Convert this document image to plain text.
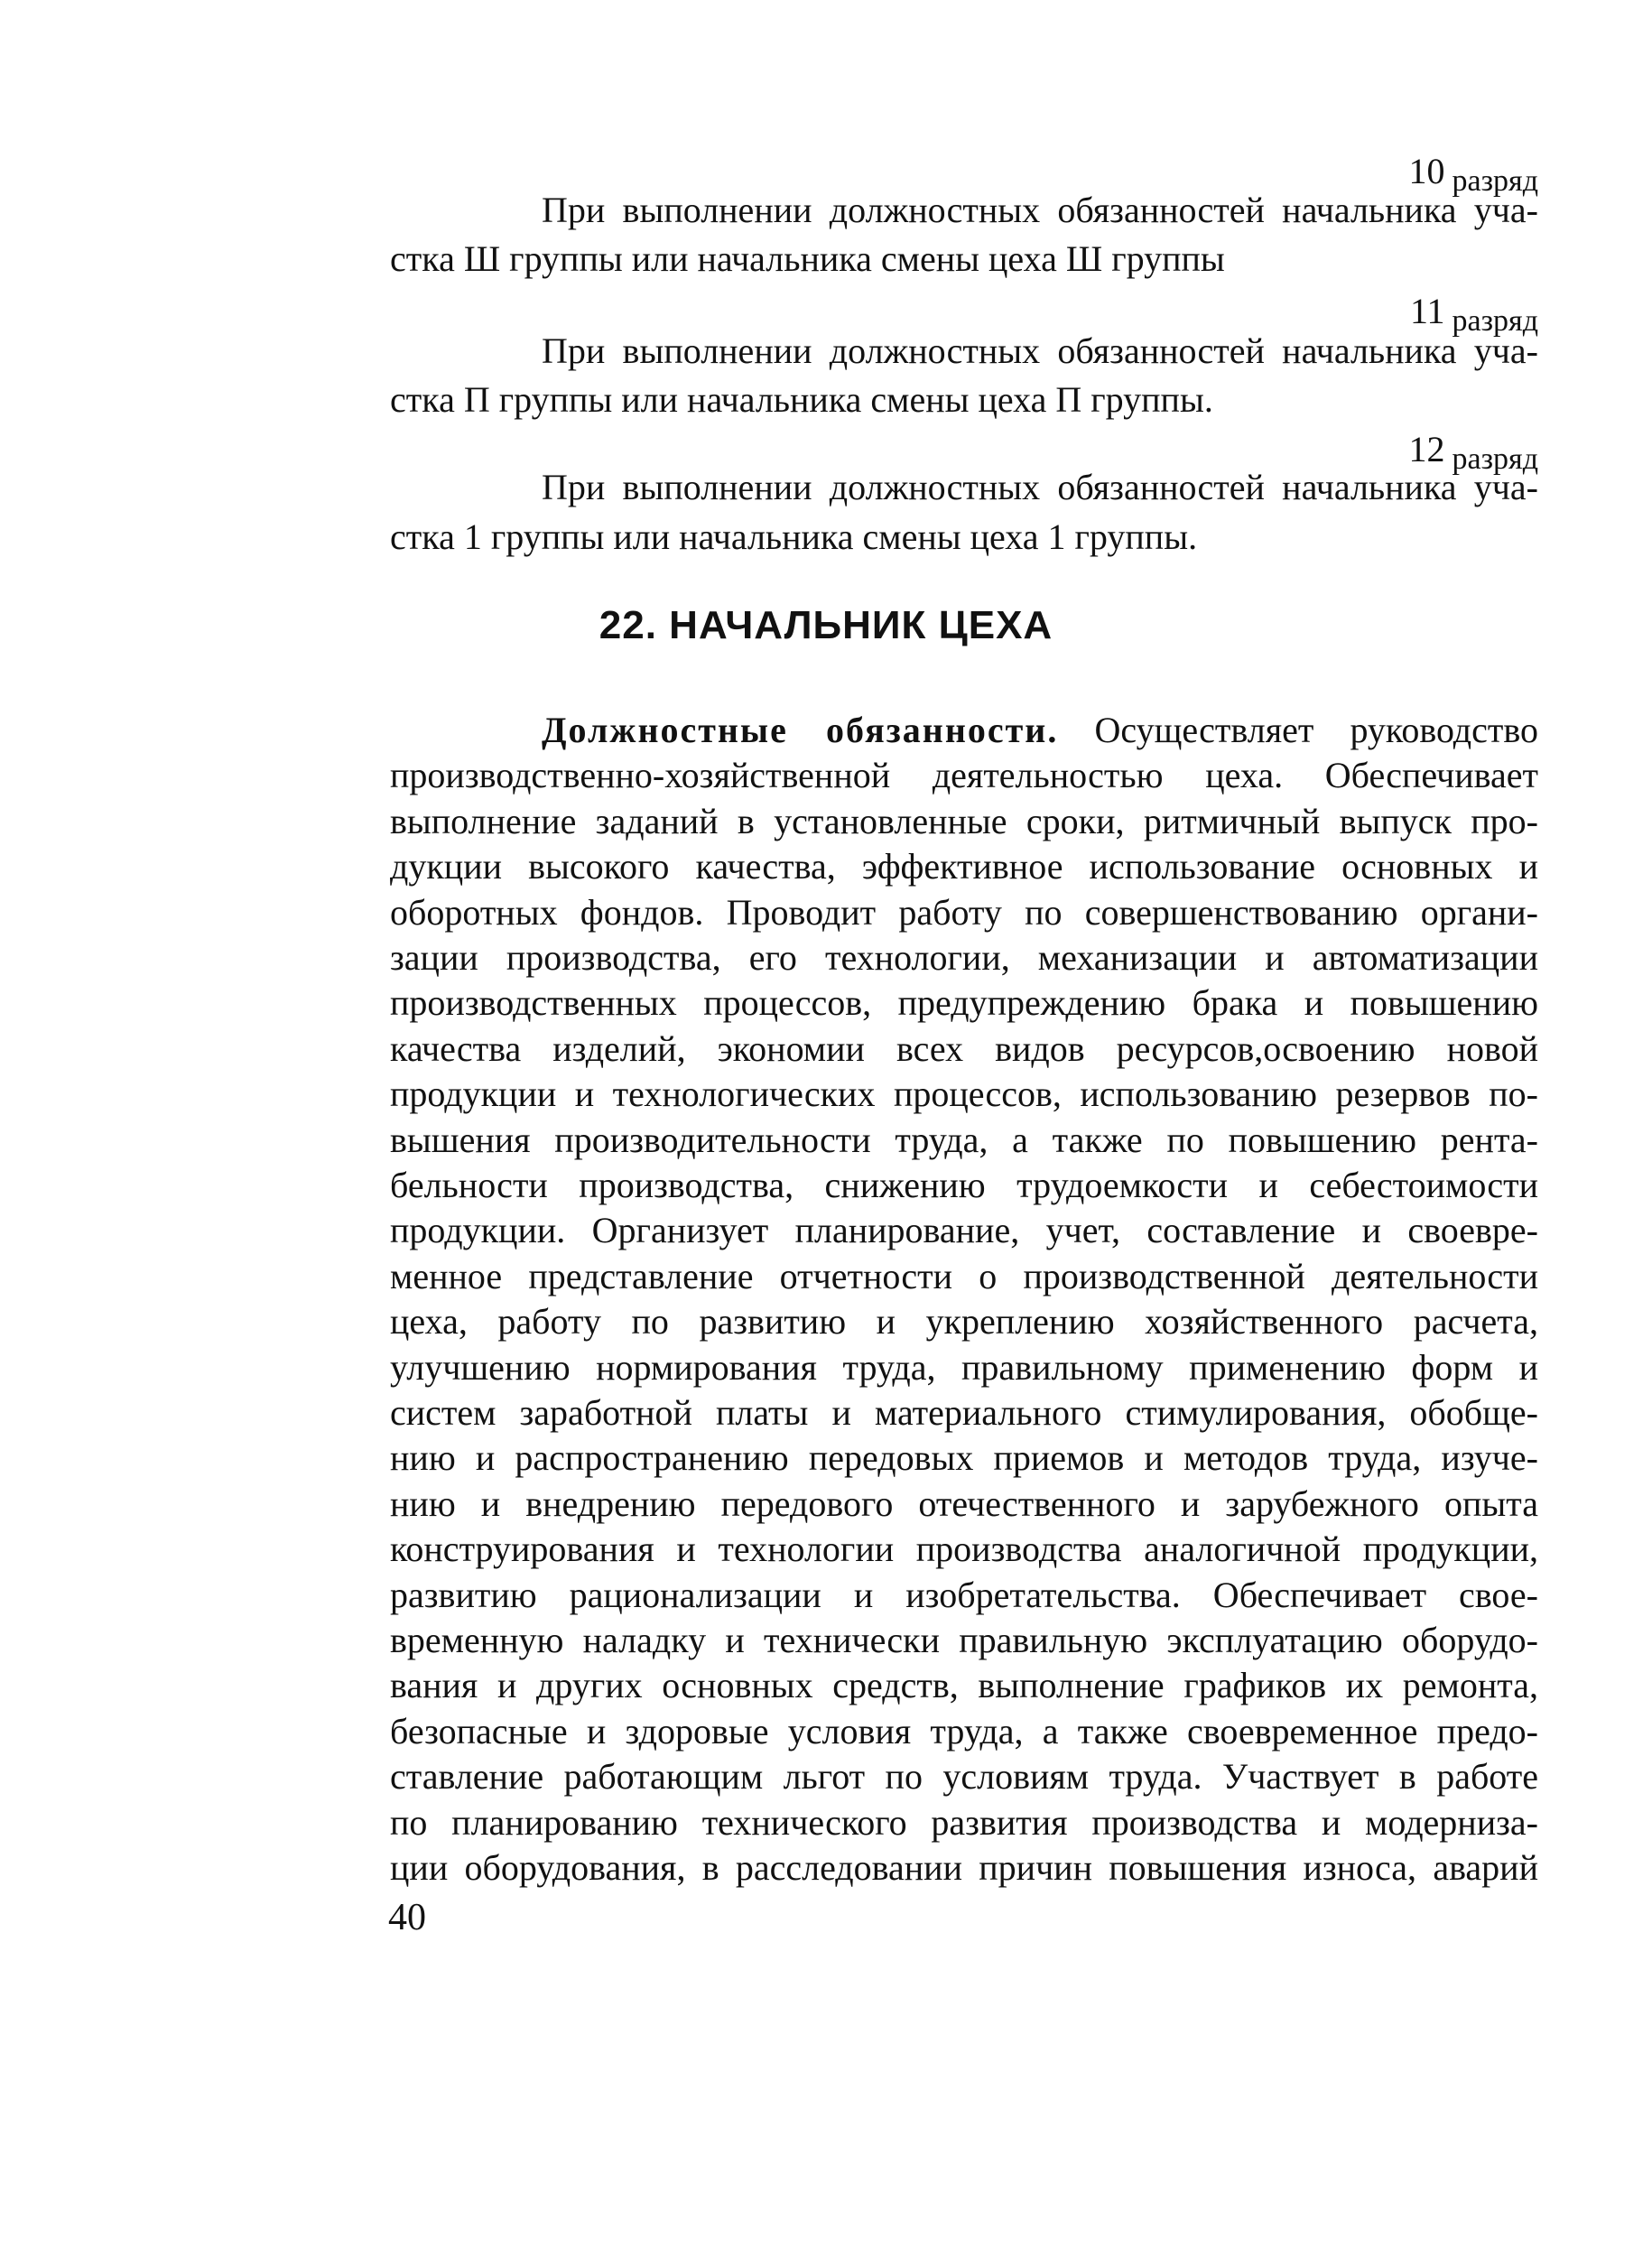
10 $_{разряд}$
При выполнении должностных обязанностей начальника уча-
стка Ш группы или начальника смены цеха Ш группы
11 $_{разряд}$
При выполнении должностных обязанностей начальника уча-
стка П группы или начальника смены цеха П группы.
12 $_{разряд}$
При выполнении должностных обязанностей начальника уча-
стка 1 группы или начальника смены цеха 1 группы.
22. НАЧАЛЬНИК ЦЕХА
Должностные обязанности. Осуществляет руководство
производственно-хозяйственной деятельностью цеха. Обеспечивает
выполнение заданий в установленные сроки, ритмичный выпуск про-
дукции высокого качества, эффективное использование основных и
оборотных фондов. Проводит работу по совершенствованию органи-
зации производства, его технологии, механизации и автоматизации
производственных процессов, предупреждению брака и повышению
качества изделий, экономии всех видов ресурсов,освоению новой
продукции и технологических процессов, использованию резервов по-
вышения производительности труда, а также по повышению рента-
бельности производства, снижению трудоемкости и себестоимости
продукции. Организует планирование, учет, составление и своевре-
менное представление отчетности о производственной деятельности
цеха, работу по развитию и укреплению хозяйственного расчета,
улучшению нормирования труда, правильному применению форм и
систем заработной платы и материального стимулирования, обобще-
нию и распространению передовых приемов и методов труда, изуче-
нию и внедрению передового отечественного и зарубежного опыта
конструирования и технологии производства аналогичной продукции,
развитию рационализации и изобретательства. Обеспечивает свое-
временную наладку и технически правильную эксплуатацию оборудо-
вания и других основных средств, выполнение графиков их ремонта,
безопасные и здоровые условия труда, а также своевременное предо-
ставление работающим льгот по условиям труда. Участвует в работе
по планированию технического развития производства и модерниза-
ции оборудования, в расследовании причин повышения износа, аварий
40
